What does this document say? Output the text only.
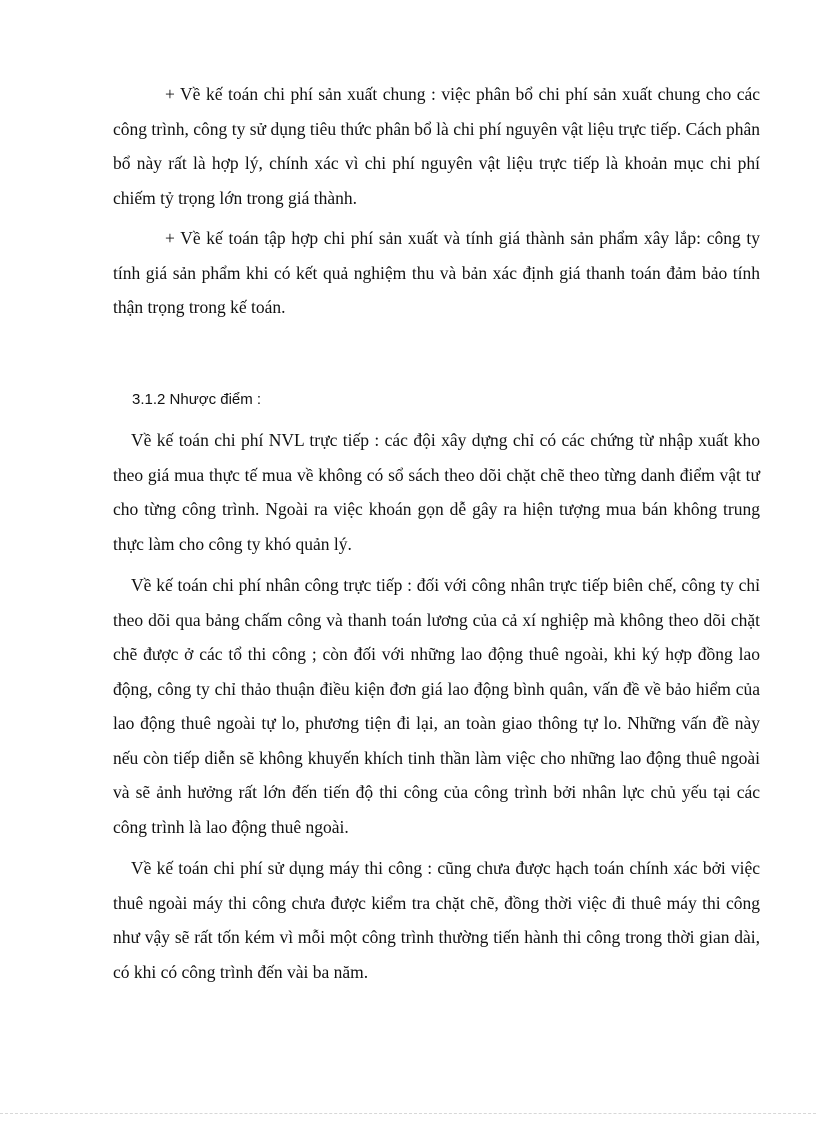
+ Về kế toán chi phí sản xuất chung : việc phân bổ chi phí sản xuất chung cho các công trình, công ty sử dụng tiêu thức phân bổ là chi phí nguyên vật liệu trực tiếp. Cách phân bổ này rất là hợp lý, chính xác vì chi phí nguyên vật liệu trực tiếp là khoản mục chi phí chiếm tỷ trọng lớn trong giá thành.

+ Về kế toán tập hợp chi phí sản xuất và tính giá thành sản phẩm xây lắp: công ty tính giá sản phẩm khi có kết quả nghiệm thu và bản xác định giá thanh toán đảm bảo tính thận trọng trong kế toán.

3.1.2 Nhược điểm :

Về kế toán chi phí NVL trực tiếp : các đội xây dựng chỉ có các chứng từ nhập xuất kho theo giá mua thực tế mua về không có sổ sách theo dõi chặt chẽ theo từng danh điểm vật tư cho từng công trình. Ngoài ra việc khoán gọn dễ gây ra hiện tượng mua bán không trung thực làm cho công ty khó quản lý.

Về kế toán chi phí nhân công trực tiếp : đối với công nhân trực tiếp biên chế, công ty chỉ theo dõi qua bảng chấm công và thanh toán lương của cả xí nghiệp mà không theo dõi chặt chẽ được ở các tổ thi công ; còn đối với những lao động thuê ngoài, khi ký hợp đồng lao động, công ty chỉ thảo thuận điều kiện đơn giá lao động bình quân, vấn đề về bảo hiểm của lao động thuê ngoài tự lo, phương tiện đi lại, an toàn giao thông tự lo. Những vấn đề này nếu còn tiếp diễn sẽ không khuyến khích tinh thần làm việc cho những lao động thuê ngoài và sẽ ảnh hưởng rất lớn đến tiến độ thi công của công trình bởi nhân lực chủ yếu tại các công trình là lao động thuê ngoài.

Về kế toán chi phí sử dụng máy thi công : cũng chưa được hạch toán chính xác bởi việc thuê ngoài máy thi công chưa được kiểm tra chặt chẽ, đồng thời việc đi thuê máy thi công như vậy sẽ rất tốn kém vì mỗi một công trình thường tiến hành thi công trong thời gian dài, có khi có công trình đến vài ba năm.
